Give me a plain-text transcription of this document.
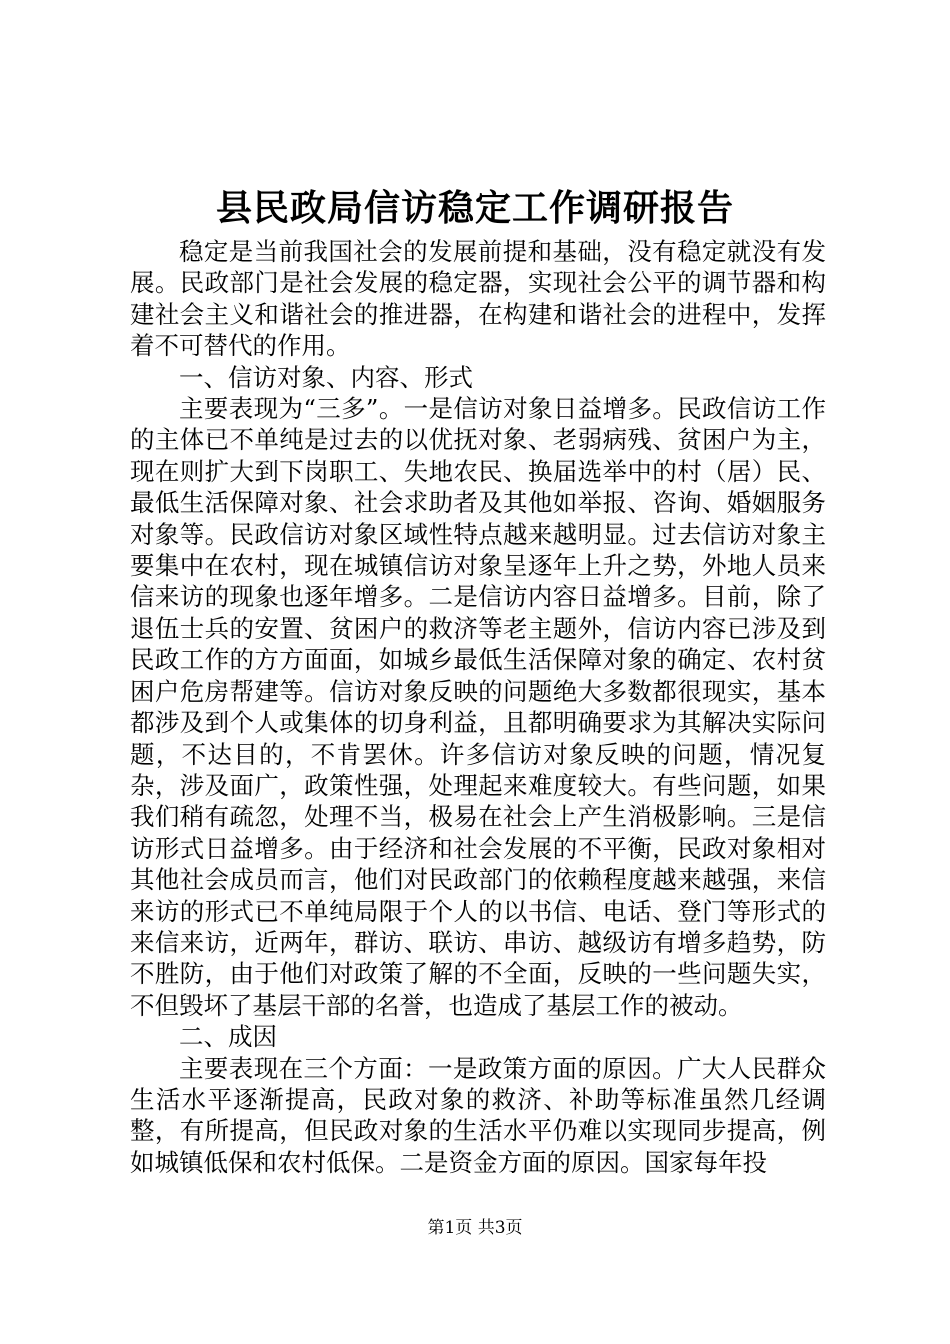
县民政局信访稳定工作调研报告

稳定是当前我国社会的发展前提和基础，没有稳定就没有发展。民政部门是社会发展的稳定器，实现社会公平的调节器和构建社会主义和谐社会的推进器，在构建和谐社会的进程中，发挥着不可替代的作用。

一、信访对象、内容、形式

主要表现为“三多”。一是信访对象日益增多。民政信访工作的主体已不单纯是过去的以优抚对象、老弱病残、贫困户为主，现在则扩大到下岗职工、失地农民、换届选举中的村（居）民、最低生活保障对象、社会求助者及其他如举报、咨询、婚姻服务对象等。民政信访对象区域性特点越来越明显。过去信访对象主要集中在农村，现在城镇信访对象呈逐年上升之势，外地人员来信来访的现象也逐年增多。二是信访内容日益增多。目前，除了退伍士兵的安置、贫困户的救济等老主题外，信访内容已涉及到民政工作的方方面面，如城乡最低生活保障对象的确定、农村贫困户危房帮建等。信访对象反映的问题绝大多数都很现实，基本都涉及到个人或集体的切身利益，且都明确要求为其解决实际问题，不达目的，不肯罢休。许多信访对象反映的问题，情况复杂，涉及面广，政策性强，处理起来难度较大。有些问题，如果我们稍有疏忽，处理不当，极易在社会上产生消极影响。三是信访形式日益增多。由于经济和社会发展的不平衡，民政对象相对其他社会成员而言，他们对民政部门的依赖程度越来越强，来信来访的形式已不单纯局限于个人的以书信、电话、登门等形式的来信来访，近两年，群访、联访、串访、越级访有增多趋势，防不胜防，由于他们对政策了解的不全面，反映的一些问题失实，不但毁坏了基层干部的名誉，也造成了基层工作的被动。

二、成因

主要表现在三个方面：一是政策方面的原因。广大人民群众生活水平逐渐提高，民政对象的救济、补助等标准虽然几经调整，有所提高，但民政对象的生活水平仍难以实现同步提高，例如城镇低保和农村低保。二是资金方面的原因。国家每年投

第1页 共3页
